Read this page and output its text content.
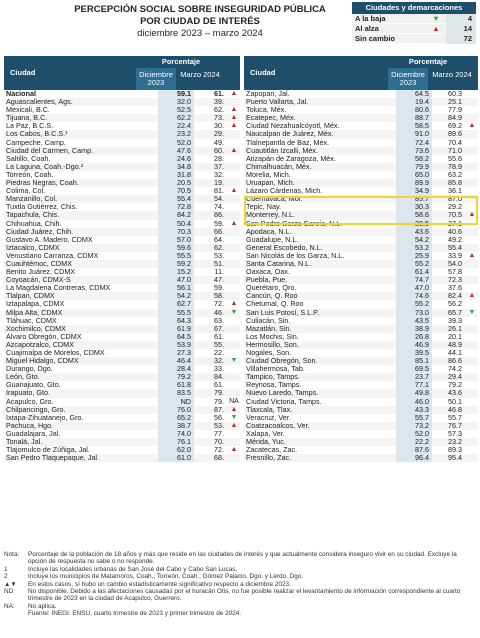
PERCEPCIÓN SOCIAL SOBRE INSEGURIDAD PÚBLICA
POR CIUDAD DE INTERÉS
diciembre 2023 – marzo 2024
Ciudades y demarcaciones
A la baja	▼	4
Al alza	▲	14
Sin cambio	72
Ciudad
Porcentaje
Diciembre 2023
Marzo 2024	Ciudad
Porcentaje
Diciembre 2023
Marzo 2024
Nacional	59.1	61. ▲
Aguascalientes, Ags.	32.0	39.
Mexicali, B.C.	52.5	62. ▲
Tijuana, B.C.	62.2	73. ▲
La Paz, B.C.S.	22.4	30. ▲
Los Cabos, B.C.S.¹	23.2	29.
Campeche, Camp.	52.0	49.
Ciudad del Carmen, Camp.	47.6	60. ▲
Saltillo, Coah.	24.6	28.
La Laguna, Coah.-Dgo.²	34.8	37.
Torreón, Coah.	31.8	32.
Piedras Negras, Coah.	20.5	19.
Colima, Col.	70.5	81. ▲
Manzanillo, Col.	55.4	54.
Tuxtla Gutiérrez, Chis.	72.8	74.
Tapachula, Chis.	84.2	86.
Chihuahua, Chih.	50.4	59. ▲
Ciudad Juárez, Chih.	70.3	66.
Gustavo A. Madero, CDMX	57.0	64.
Iztacalco, CDMX	59.6	62.
Venustiano Carranza, CDMX	55.5	53.
Cuauhtémoc, CDMX	59.2	51.
Benito Juárez, CDMX	15.2	11.
Coyoacán, CDMX-S	47.0	47.
La Magdalena Contreras, CDMX	56.1	59.
Tlalpan, CDMX	54.2	58.
Iztapalapa, CDMX	62.7	72. ▲
Milpa Alta, CDMX	55.5	46. ▼
Tláhuac, CDMX	64.3	63.
Xochimilco, CDMX	61.9	67.
Álvaro Obregón, CDMX	64.5	61.
Azcapotzalco, CDMX	53.9	55.
Cuajimalpa de Morelos, CDMX	27.3	22.
Miguel Hidalgo, CDMX	46.4	32. ▼
Durango, Dgo.	28.4	33.
León, Gto.	79.2	84.
Guanajuato, Gto.	61.8	61.
Irapuato, Gto.	83.5	79.
Acapulco, Gro.	ND	79. NA
Chilpancingo, Gro.	76.0	87. ▲
Ixtapa-Zihuatanejo, Gro.	65.2	56. ▼
Pachuca, Hgo.	38.7	53. ▲
Guadalajara, Jal.	74.0	77.
Tonalá, Jal.	76.1	70.
Tlajomulco de Zúñiga, Jal.	62.0	72. ▲
San Pedro Tlaquepaque, Jal.	61.0	68.
Zapopan, Jal.	64.5	60.3
Puerto Vallarta, Jal.	19.4	25.1
Toluca, Méx.	80.6	77.9
Ecatepec, Méx.	88.7	84.9
Ciudad Nezahualcóyotl, Méx.	58.5	69.2 ▲
Naucalpan de Juárez, Méx.	91.0	89.6
Tlalnepantla de Baz, Méx.	72.4	70.4
Cuautitlán Izcalli, Méx.	73.6	71.0
Atizapán de Zaragoza, Méx.	58.2	55.6
Chimalhuacán, Méx.	79.9	78.9
Morelia, Mich.	65.0	63.2
Uruapan, Mich.	89.9	85.8
Lázaro Cárdenas, Mich.	34.9	36.1
Cuernavaca, Mor.	85.7	87.0
Tepic, Nay.	30.3	29.2
Monterrey, N.L.	58.6	70.5 ▲
San Pedro Garza García, N.L.	28.5	27.1
Apodaca, N.L.	43.6	40.6
Guadalupe, N.L.	54.2	49.2
General Escobedo, N.L.	53.2	55.4
San Nicolás de los Garza, N.L.	25.9	33.9 ▲
Santa Catarina, N.L.	55.2	54.0
Oaxaca, Oax.	61.4	57.8
Puebla, Pue.	74.7	72.3
Querétaro, Qro.	47.0	37.6
Cancún, Q. Roo	74.6	82.4 ▲
Chetumal, Q. Roo	55.2	56.2
San Luis Potosí, S.L.P.	73.0	65.7 ▼
Culiacán, Sin.	43.5	39.3
Mazatlán, Sin.	38.9	26.1
Los Mochis, Sin.	26.8	20.1
Hermosillo, Son.	46.9	48.9
Nogales, Son.	39.5	44.1
Ciudad Obregón, Son.	85.1	86.6
Villahermosa, Tab.	69.5	74.2
Tampico, Tamps.	23.7	29.4
Reynosa, Tamps.	77.1	79.2
Nuevo Laredo, Tamps.	49.8	43.6
Ciudad Victoria, Tamps.	46.0	50.1
Tlaxcala, Tlax.	43.3	46.8
Veracruz, Ver.	55.7	55.7
Coatzacoalcos, Ver.	73.2	76.7
Xalapa, Ver.	52.0	57.3
Mérida, Yuc.	22.2	23.2
Zacatecas, Zac.	87.6	89.3
Fresnillo, Zac.	96.4	95.4
Nota:	Porcentaje de la población de 18 años y más que reside en las ciudades de interés y que actualmente considera inseguro vivir en su ciudad. Excluye la opción de respuesta no sabe o no responde.
1	Incluye las localidades urbanas de San José del Cabo y Cabo San Lucas.
2	Incluye los municipios de Matamoros, Coah.; Torreón, Coah.; Gómez Palacio, Dgo. y Lerdo, Dgo.
▲▼	En estos casos, sí hubo un cambio estadísticamente significativo respecto a diciembre 2023.
ND:	No disponible. Debido a las afectaciones causadas por el huracán Otis, no fue posible realizar el levantamiento de información correspondiente al cuarto trimestre de 2023 en la ciudad de Acapulco, Guerrero.
NA:	No aplica.
Fuente: INEGI. ENSU, cuarto trimestre de 2023 y primer trimestre de 2024.
